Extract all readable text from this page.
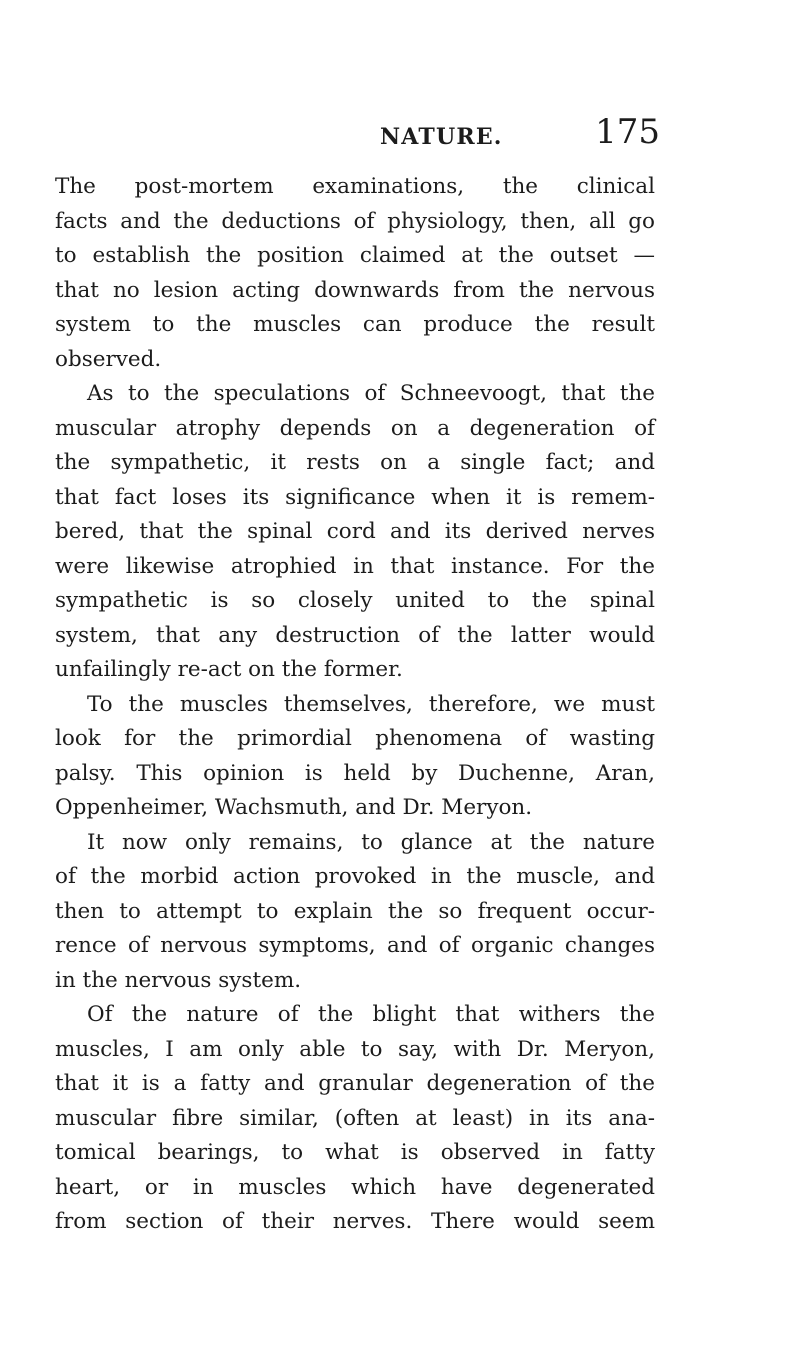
NATURE.	175
The post-mortem examinations, the clinical
facts and the deductions of physiology, then, all go
to establish the position claimed at the outset —
that no lesion acting downwards from the nervous
system to the muscles can produce the result
observed.
As to the speculations of Schneevoogt, that the
muscular atrophy depends on a degeneration of
the sympathetic, it rests on a single fact; and
that fact loses its significance when it is remem-
bered, that the spinal cord and its derived nerves
were likewise atrophied in that instance. For the
sympathetic is so closely united to the spinal
system, that any destruction of the latter would
unfailingly re-act on the former.
To the muscles themselves, therefore, we must
look for the primordial phenomena of wasting
palsy. This opinion is held by Duchenne, Aran,
Oppenheimer, Wachsmuth, and Dr. Meryon.
It now only remains, to glance at the nature
of the morbid action provoked in the muscle, and
then to attempt to explain the so frequent occur-
rence of nervous symptoms, and of organic changes
in the nervous system.
Of the nature of the blight that withers the
muscles, I am only able to say, with Dr. Meryon,
that it is a fatty and granular degeneration of the
muscular fibre similar, (often at least) in its ana-
tomical bearings, to what is observed in fatty
heart, or in muscles which have degenerated
from section of their nerves. There would seem
